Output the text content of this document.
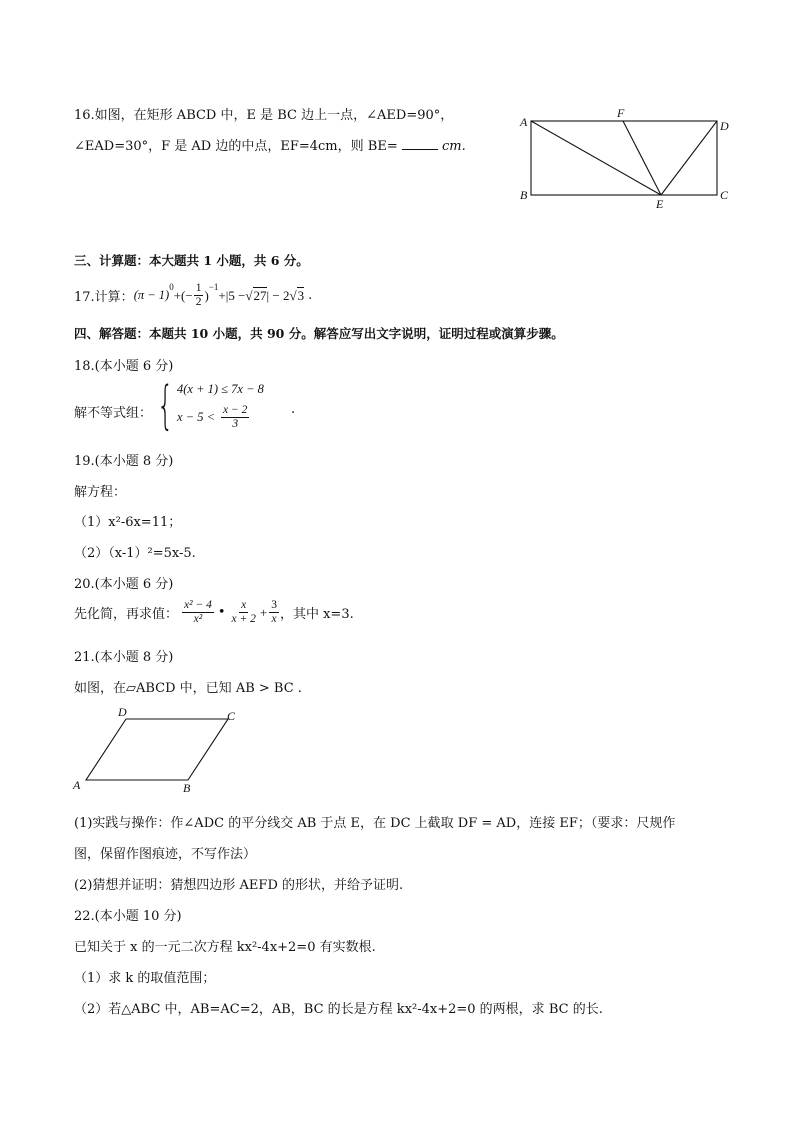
16.如图，在矩形 ABCD 中，E 是 BC 边上一点，∠AED=90°，
∠EAD=30°，F 是 AD 边的中点，EF=4cm，则 BE=	cm.
A
F
D
B
E
C
三、计算题：本大题共 1 小题，共 6 分。
17.计算： (π − 1)
$^0$
+(− $\frac{1}{2}$ )
$^{-1}$
+|5 − √ 27 | − 2 √ 3 .
四、解答题：本题共 10 小题，共 90 分。解答应写出文字说明，证明过程或演算步骤。
18.(本小题 6 分)
解不等式组： { 4(x + 1) ≤ 7x − 8
$x - 5 < \frac{x - 2}{3}$	.
19.(本小题 8 分)
解方程：
（1）x²-6x=11；
（2）（x-1）²=5x-5.
20.(本小题 6 分)
先化简，再求值： $\frac{\text{x² − 4}}{\text{x²}}$ • $\frac{x}{x + 2} + \frac{3}{x}$ ，其中 x=3.
21.(本小题 8 分)
如图，在▱ABCD 中，已知 AB > BC .
D	C
A	B
(1)实践与操作：作∠ADC 的平分线交 AB 于点 E，在 DC 上截取 DF = AD，连接 EF；（要求：尺规作
图，保留作图痕迹，不写作法）
(2)猜想并证明：猜想四边形 AEFD 的形状，并给予证明.
22.(本小题 10 分)
已知关于 x 的一元二次方程 kx²-4x+2=0 有实数根.
（1）求 k 的取值范围；
（2）若△ABC 中，AB=AC=2，AB，BC 的长是方程 kx²-4x+2=0 的两根，求 BC 的长.
